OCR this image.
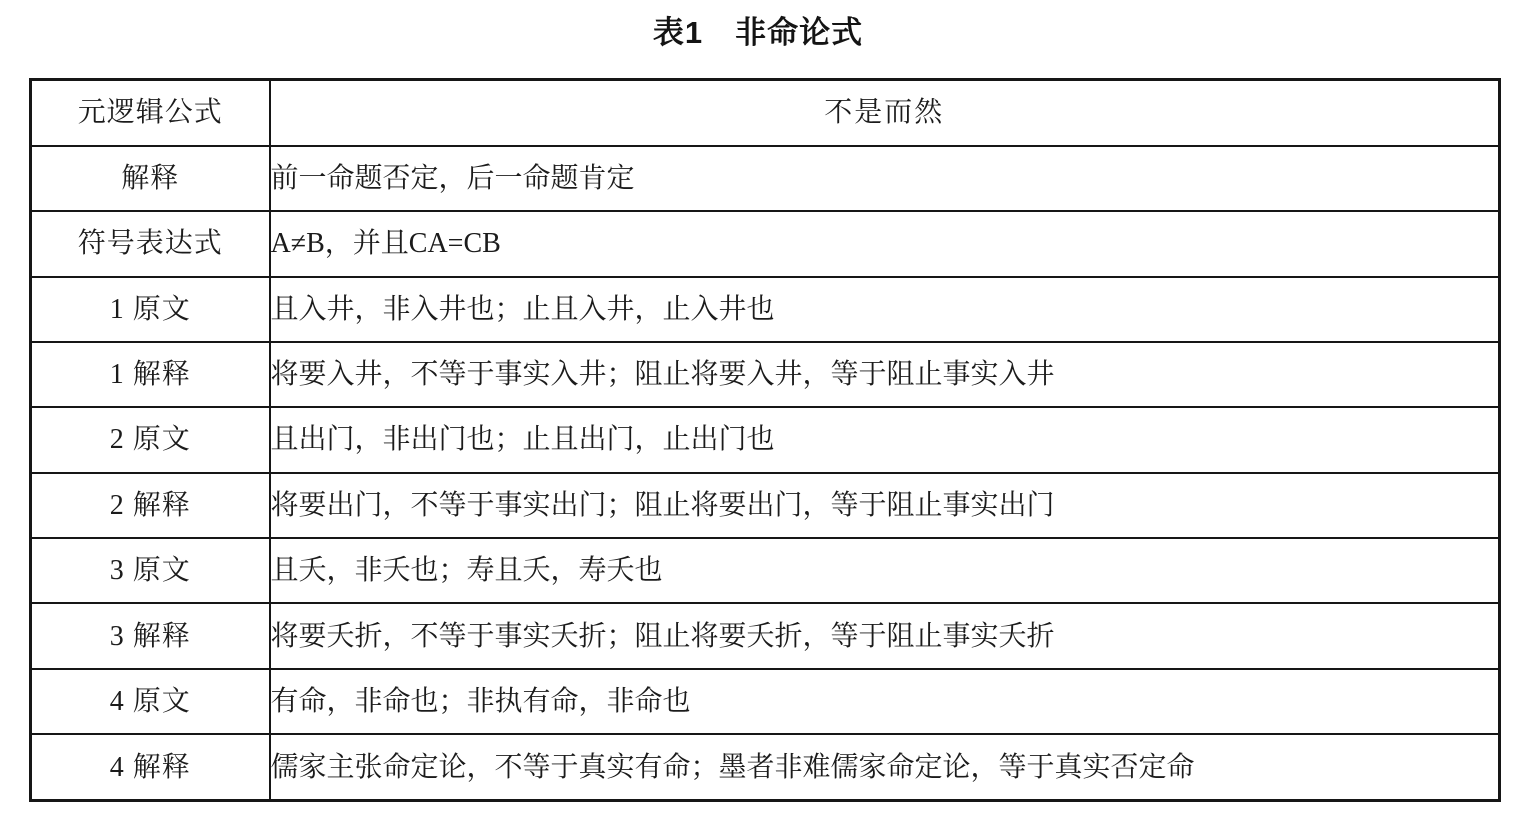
表1　非命论式
元逻辑公式	不是而然
解释	前一命题否定，后一命题肯定
符号表达式	A≠B，并且CA=CB
1 原文	且入井，非入井也；止且入井，止入井也
1 解释	将要入井，不等于事实入井；阻止将要入井，等于阻止事实入井
2 原文	且出门，非出门也；止且出门，止出门也
2 解释	将要出门，不等于事实出门；阻止将要出门，等于阻止事实出门
3 原文	且夭，非夭也；寿且夭，寿夭也
3 解释	将要夭折，不等于事实夭折；阻止将要夭折，等于阻止事实夭折
4 原文	有命，非命也；非执有命，非命也
4 解释	儒家主张命定论，不等于真实有命；墨者非难儒家命定论，等于真实否定命
